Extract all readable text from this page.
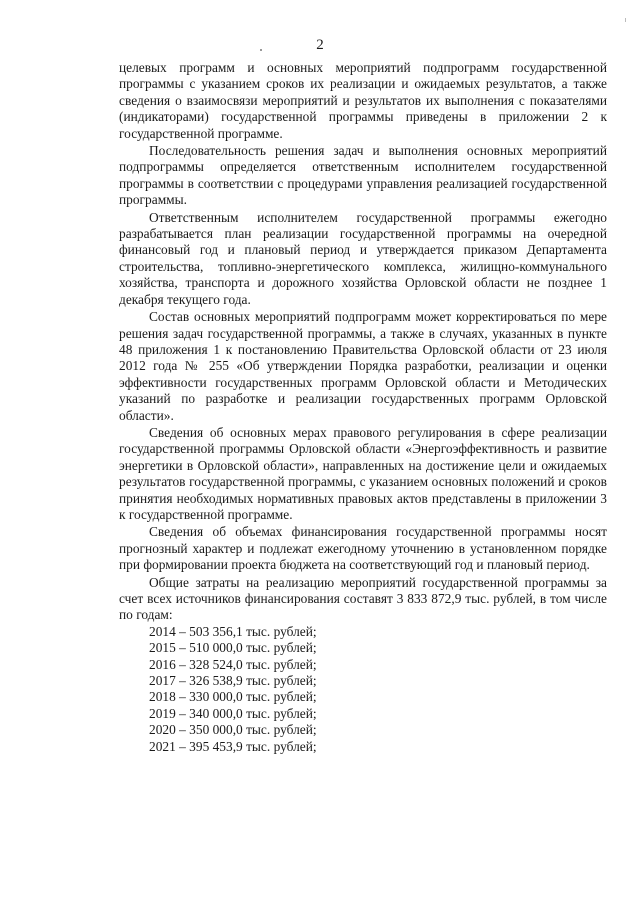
2

целевых программ и основных мероприятий подпрограмм государственной программы с указанием сроков их реализации и ожидаемых результатов, а также сведения о взаимосвязи мероприятий и результатов их выполнения с показателями (индикаторами) государственной программы приведены в приложении 2 к государственной программе.

Последовательность решения задач и выполнения основных мероприятий подпрограммы определяется ответственным исполнителем государственной программы в соответствии с процедурами управления реализацией государственной программы.

Ответственным исполнителем государственной программы ежегодно разрабатывается план реализации государственной программы на очередной финансовый год и плановый период и утверждается приказом Департамента строительства, топливно-энергетического комплекса, жилищно-коммунального хозяйства, транспорта и дорожного хозяйства Орловской области не позднее 1 декабря текущего года.

Состав основных мероприятий подпрограмм может корректироваться по мере решения задач государственной программы, а также в случаях, указанных в пункте 48 приложения 1 к постановлению Правительства Орловской области от 23 июля 2012 года № 255 «Об утверждении Порядка разработки, реализации и оценки эффективности государственных программ Орловской области и Методических указаний по разработке и реализации государственных программ Орловской области».

Сведения об основных мерах правового регулирования в сфере реализации государственной программы Орловской области «Энергоэффективность и развитие энергетики в Орловской области», направленных на достижение цели и ожидаемых результатов государственной программы, с указанием основных положений и сроков принятия необходимых нормативных правовых актов представлены в приложении 3 к государственной программе.

Сведения об объемах финансирования государственной программы носят прогнозный характер и подлежат ежегодному уточнению в установленном порядке при формировании проекта бюджета на соответствующий год и плановый период.

Общие затраты на реализацию мероприятий государственной программы за счет всех источников финансирования составят 3 833 872,9 тыс. рублей, в том числе по годам:

2014 – 503 356,1 тыс. рублей;
2015 – 510 000,0 тыс. рублей;
2016 – 328 524,0 тыс. рублей;
2017 – 326 538,9 тыс. рублей;
2018 – 330 000,0 тыс. рублей;
2019 – 340 000,0 тыс. рублей;
2020 – 350 000,0 тыс. рублей;
2021 – 395 453,9 тыс. рублей;
